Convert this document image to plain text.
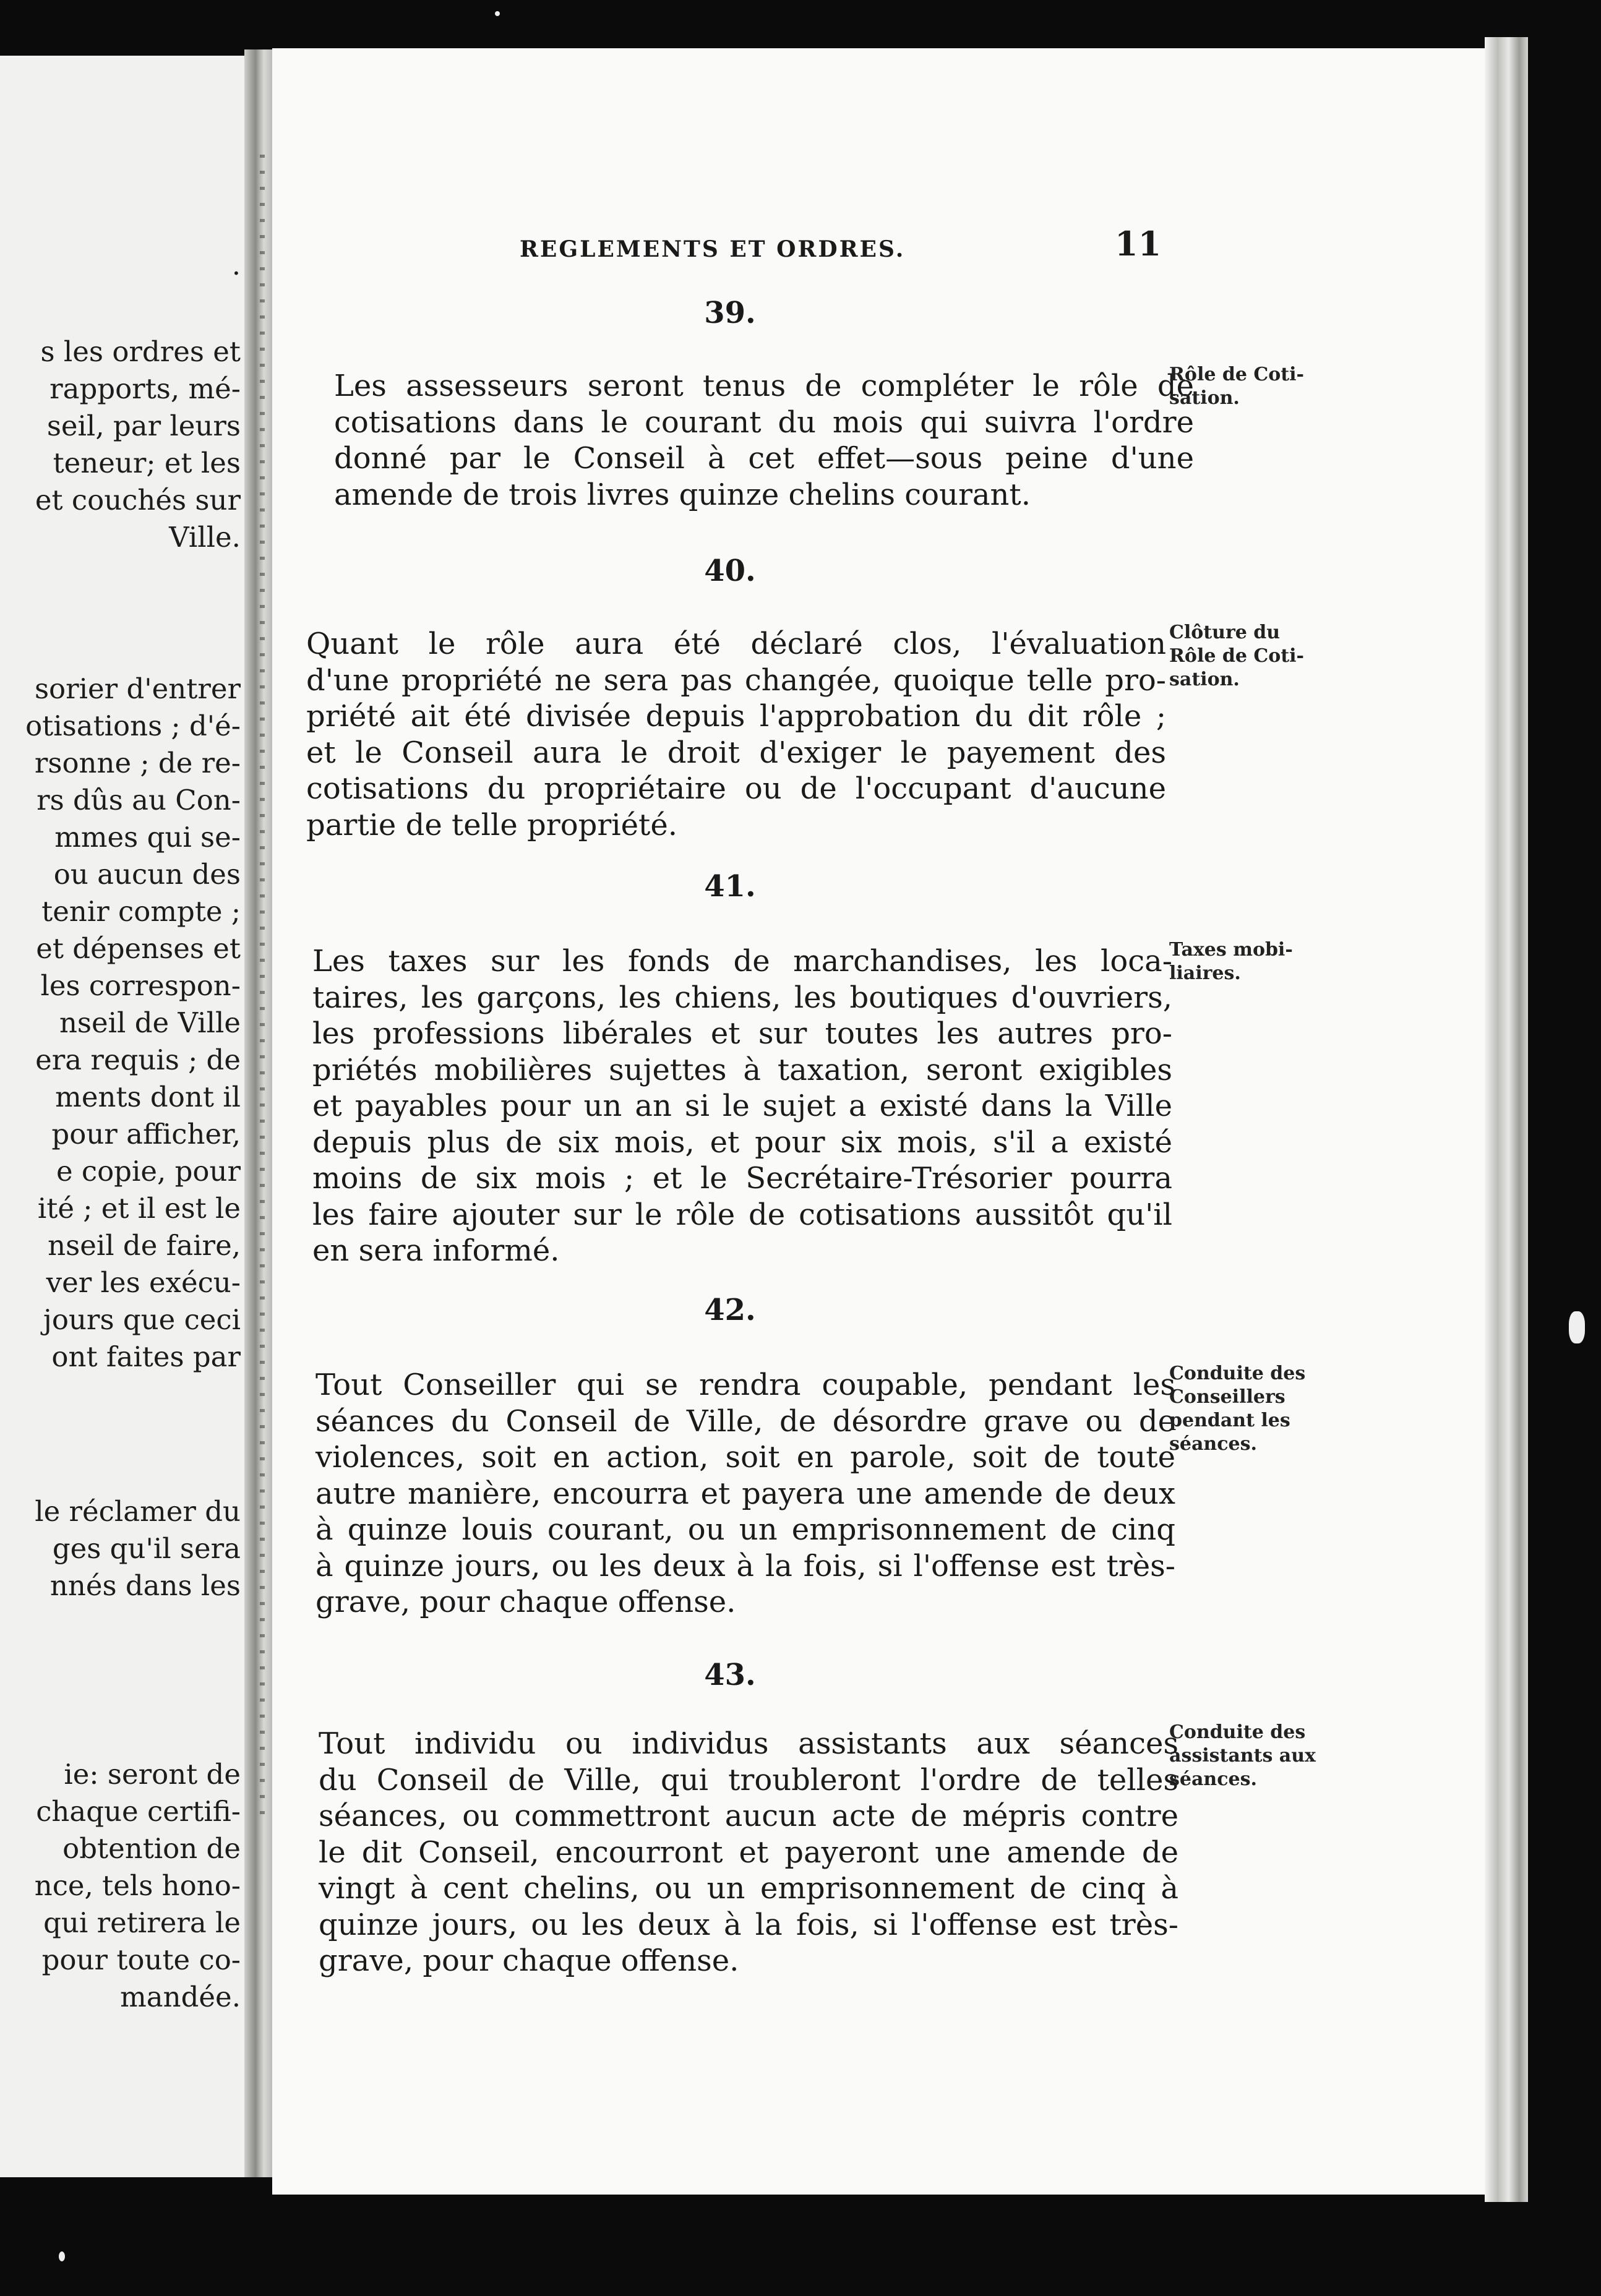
.
s les ordres et
rapports, mé-
seil, par leurs
teneur; et les
et couchés sur
Ville.
sorier d'entrer
otisations ; d'é-
rsonne ; de re-
rs dûs au Con-
mmes qui se-
ou aucun des
tenir compte ;
et dépenses et
les correspon-
nseil de Ville
era requis ; de
ments dont il
pour afficher,
e copie, pour
ité ; et il est le
nseil de faire,
ver les exécu-
jours que ceci
ont faites par
le réclamer du
ges qu'il sera
nnés dans les
ie: seront de
chaque certifi-
obtention de
nce, tels hono-
qui retirera le
pour toute co-
mandée.
REGLEMENTS ET ORDRES.	11
39.
Les assesseurs seront tenus de compléter le rôle de
cotisations dans le courant du mois qui suivra l'ordre
donné par le Conseil à cet effet—sous peine d'une
amende de trois livres quinze chelins courant.
Rôle de Coti-
sation.
40.
Quant le rôle aura été déclaré clos, l'évaluation
d'une propriété ne sera pas changée, quoique telle pro-
priété ait été divisée depuis l'approbation du dit rôle ;
et le Conseil aura le droit d'exiger le payement des
cotisations du propriétaire ou de l'occupant d'aucune
partie de telle propriété.
Clôture du
Rôle de Coti-
sation.
41.
Les taxes sur les fonds de marchandises, les loca-
taires, les garçons, les chiens, les boutiques d'ouvriers,
les professions libérales et sur toutes les autres pro-
priétés mobilières sujettes à taxation, seront exigibles
et payables pour un an si le sujet a existé dans la Ville
depuis plus de six mois, et pour six mois, s'il a existé
moins de six mois ; et le Secrétaire-Trésorier pourra
les faire ajouter sur le rôle de cotisations aussitôt qu'il
en sera informé.
Taxes mobi-
liaires.
42.
Tout Conseiller qui se rendra coupable, pendant les
séances du Conseil de Ville, de désordre grave ou de
violences, soit en action, soit en parole, soit de toute
autre manière, encourra et payera une amende de deux
à quinze louis courant, ou un emprisonnement de cinq
à quinze jours, ou les deux à la fois, si l'offense est très-
grave, pour chaque offense.
Conduite des
Conseillers
pendant les
séances.
43.
Tout individu ou individus assistants aux séances
du Conseil de Ville, qui troubleront l'ordre de telles
séances, ou commettront aucun acte de mépris contre
le dit Conseil, encourront et payeront une amende de
vingt à cent chelins, ou un emprisonnement de cinq à
quinze jours, ou les deux à la fois, si l'offense est très-
grave, pour chaque offense.
Conduite des
assistants aux
séances.
